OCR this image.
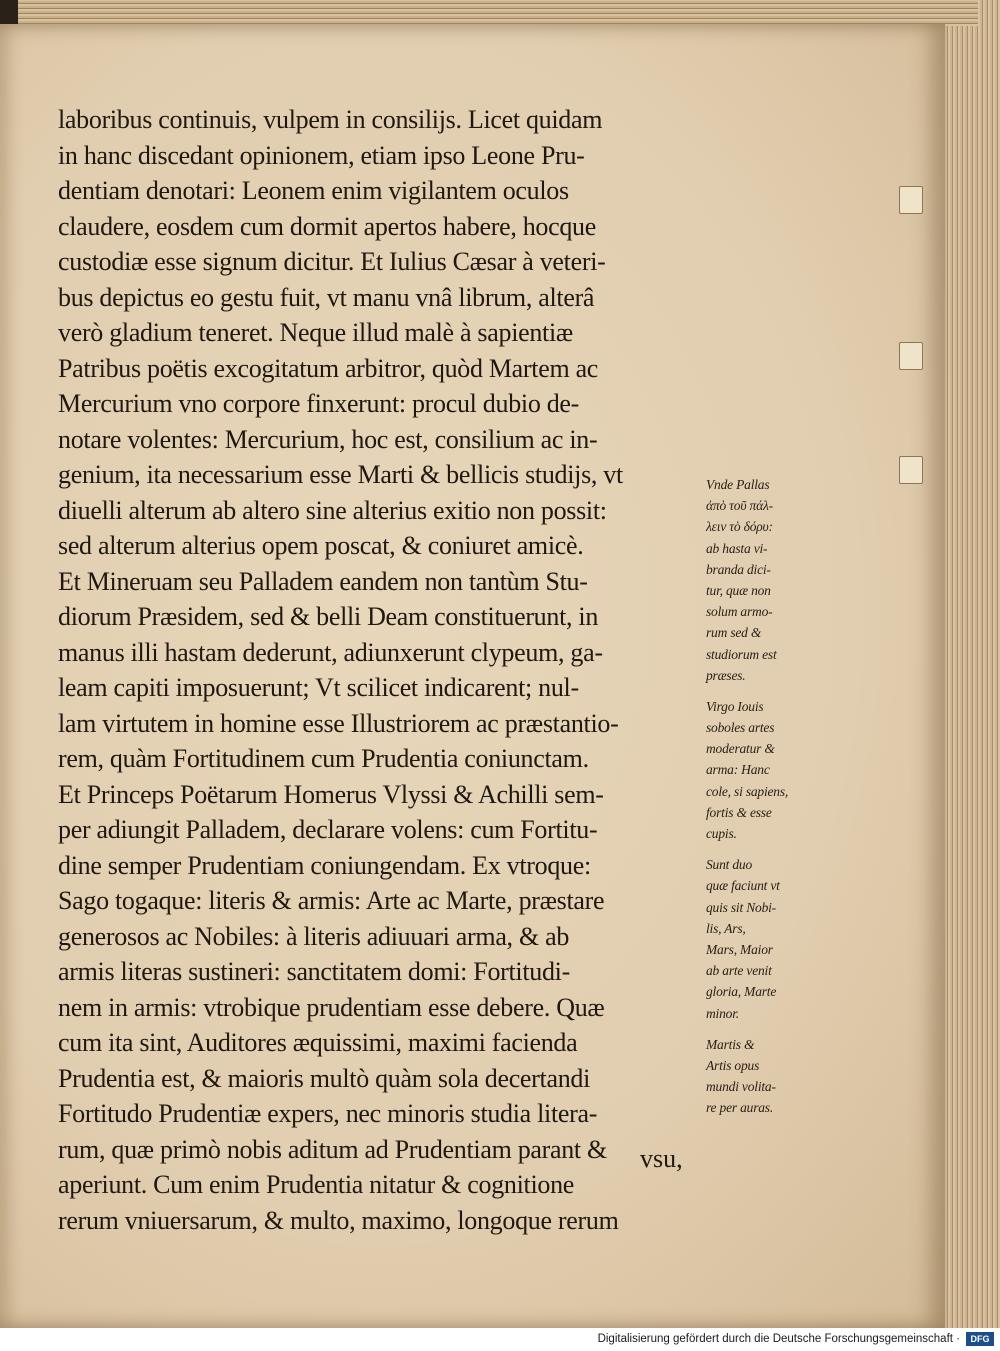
laboribus continuis, vulpem in consilijs. Licet quidam
in hanc discedant opinionem, etiam ipso Leone Pru-
dentiam denotari: Leonem enim vigilantem oculos
claudere, eosdem cum dormit apertos habere, hocque
custodiæ esse signum dicitur. Et Iulius Cæsar à veteri-
bus depictus eo gestu fuit, vt manu vnâ librum, alterâ
verò gladium teneret. Neque illud malè à sapientiæ
Patribus poëtis excogitatum arbitror, quòd Martem ac
Mercurium vno corpore finxerunt: procul dubio de-
notare volentes: Mercurium, hoc est, consilium ac in-
genium, ita necessarium esse Marti & bellicis studijs, vt
diuelli alterum ab altero sine alterius exitio non possit:
sed alterum alterius opem poscat, & coniuret amicè.
Et Mineruam seu Palladem eandem non tantùm Stu-
diorum Præsidem, sed & belli Deam constituerunt, in
manus illi hastam dederunt, adiunxerunt clypeum, ga-
leam capiti imposuerunt; Vt scilicet indicarent; nul-
lam virtutem in homine esse Illustriorem ac præstantio-
rem, quàm Fortitudinem cum Prudentia coniunctam.
Et Princeps Poëtarum Homerus Vlyssi & Achilli sem-
per adiungit Palladem, declarare volens: cum Fortitu-
dine semper Prudentiam coniungendam. Ex vtroque:
Sago togaque: literis & armis: Arte ac Marte, præstare
generosos ac Nobiles: à literis adiuuari arma, & ab
armis literas sustineri: sanctitatem domi: Fortitudi-
nem in armis: vtrobique prudentiam esse debere. Quæ
cum ita sint, Auditores æquissimi, maximi facienda
Prudentia est, & maioris multò quàm sola decertandi
Fortitudo Prudentiæ expers, nec minoris studia litera-
rum, quæ primò nobis aditum ad Prudentiam parant &
aperiunt. Cum enim Prudentia nitatur & cognitione
rerum vniuersarum, & multo, maximo, longoque rerum
vsu,
Vnde Pallas
ἀπὸ τοῦ πάλ-
λειν τὸ δόρυ:
ab hasta vi-
branda dici-
tur, quæ non
solum armo-
rum sed &
studiorum est
præses.
Virgo Iouis
soboles artes
moderatur &
arma: Hanc
cole, si sapiens,
fortis & esse
cupis.
Sunt duo
quæ faciunt vt
quis sit Nobi-
lis, Ars,
Mars, Maior
ab arte venit
gloria, Marte
minor.
Martis &
Artis opus
mundi volita-
re per auras.
Digitalisierung gefördert durch die Deutsche Forschungsgemeinschaft ·	DFG
